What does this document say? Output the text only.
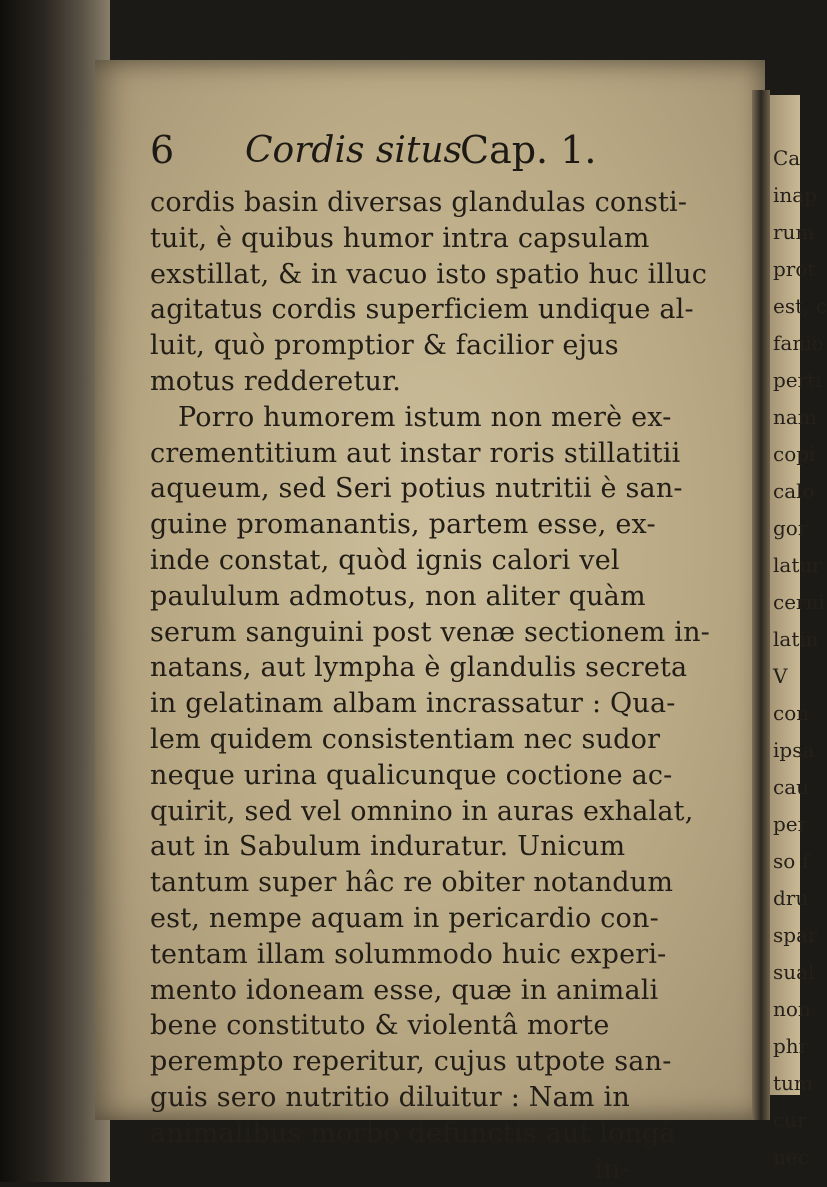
6 Cordis situs
Cap. 1.
cordis basin diversas glandulas consti-
tuit, è quibus humor intra capsulam
exstillat, & in vacuo isto spatio huc illuc
agitatus cordis superficiem undique al-
luit, quò promptior & facilior ejus
motus redderetur.
Porro humorem istum non merè ex-
crementitium aut instar roris stillatitii
aqueum, sed Seri potius nutritii è san-
guine promanantis, partem esse, ex-
inde constat, quòd ignis calori vel
paululum admotus, non aliter quàm
serum sanguini post venæ sectionem in-
natans, aut lympha è glandulis secreta
in gelatinam albam incrassatur : Qua-
lem quidem consistentiam nec sudor
neque urina qualicunque coctione ac-
quirit, sed vel omnino in auras exhalat,
aut in Sabulum induratur. Unicum
tantum super hâc re obiter notandum
est, nempe aquam in pericardio con-
tentam illam solummodo huic experi-
mento idoneam esse, quæ in animali
bene constituto & violentâ morte
perempto reperitur, cujus utpote san-
guis sero nutritio diluitur : Nam in
animalibus morbo defunctis aut longâ
in-
Ca
inap
rum
prot
est, c
fanio
perti
nam
copi
calo
gor
latur
cerni
latin
V
con
ipsa
cau
per
so f
dru
spar
sual
non
phr
tum
cur
nec
